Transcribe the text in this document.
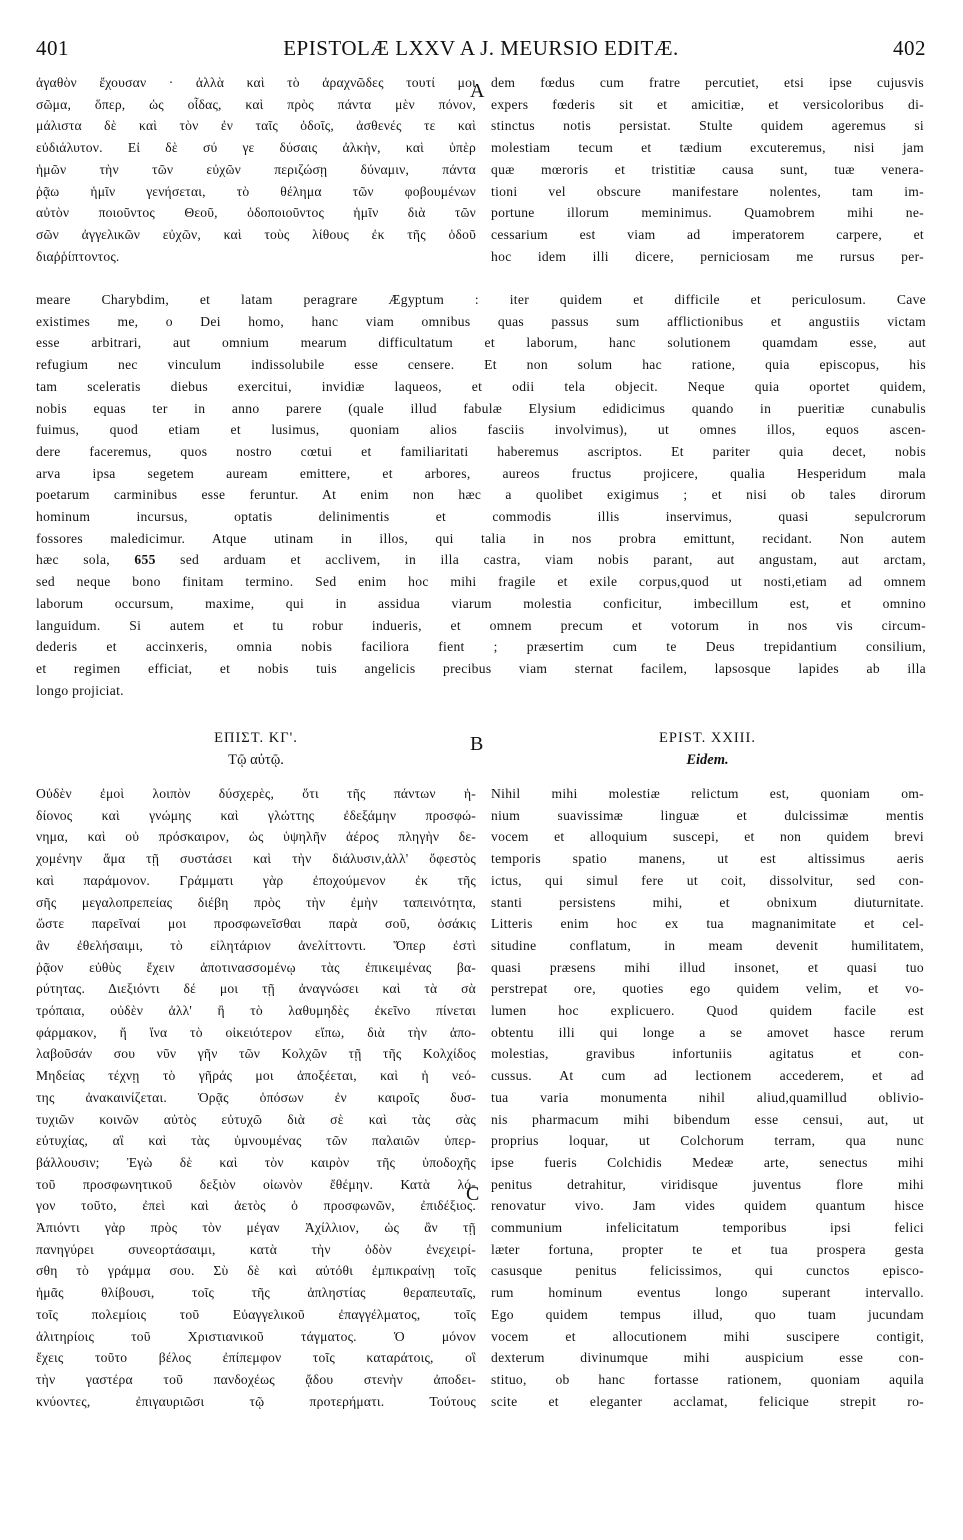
401	EPISTOLÆ LXXV A J. MEURSIO EDITÆ.	402
A
B
C
ἀγαθὸν ἔχουσαν · ἀλλὰ καὶ τὸ ἀραχνῶδες τουτί μοι
σῶμα, ὅπερ, ὡς οἶδας, καὶ πρὸς πάντα μὲν πόνον,
μάλιστα δὲ καὶ τὸν ἐν ταῖς ὁδοῖς, ἀσθενές τε καὶ
εὐδιάλυτον. Εἰ δὲ σύ γε δύσαις ἀλκὴν, καὶ ὑπὲρ
ἡμῶν τὴν τῶν εὐχῶν περιζώσῃ δύναμιν, πάντα
ῥᾷω ἡμῖν γενήσεται, τὸ θέλημα τῶν φοβουμένων
αὐτὸν ποιοῦντος Θεοῦ, ὁδοποιοῦντος ἡμῖν διὰ τῶν
σῶν ἀγγελικῶν εὐχῶν, καὶ τοὺς λίθους ἐκ τῆς ὁδοῦ
διαῤῥίπτοντος.
dem fœdus cum fratre percutiet, etsi ipse cujusvis
expers fœderis sit et amicitiæ, et versicoloribus di-
stinctus notis persistat. Stulte quidem ageremus si
molestiam tecum et tædium excuteremus, nisi jam
quæ mœroris et tristitiæ causa sunt, tuæ venera-
tioni vel obscure manifestare nolentes, tam im-
portune illorum meminimus. Quamobrem mihi ne-
cessarium est viam ad imperatorem carpere, et
hoc idem illi dicere, perniciosam me rursus per-
meare Charybdim, et latam peragrare Ægyptum : iter quidem et difficile et periculosum. Cave
existimes me, o Dei homo, hanc viam omnibus quas passus sum afflictionibus et angustiis victam
esse arbitrari, aut omnium mearum difficultatum et laborum, hanc solutionem quamdam esse, aut
refugium nec vinculum indissolubile esse censere. Et non solum hac ratione, quia episcopus, his
tam sceleratis diebus exercitui, invidiæ laqueos, et odii tela objecit. Neque quia oportet quidem,
nobis equas ter in anno parere (quale illud fabulæ Elysium edidicimus quando in pueritiæ cunabulis
fuimus, quod etiam et lusimus, quoniam alios fasciis involvimus), ut omnes illos, equos ascen-
dere faceremus, quos nostro cœtui et familiaritati haberemus ascriptos. Et pariter quia decet, nobis
arva ipsa segetem auream emittere, et arbores, aureos fructus projicere, qualia Hesperidum mala
poetarum carminibus esse feruntur. At enim non hæc a quolibet exigimus ; et nisi ob tales dirorum
hominum incursus, optatis delinimentis et commodis illis inservimus, quasi sepulcrorum
fossores maledicimur. Atque utinam in illos, qui talia in nos probra emittunt, recidant. Non autem
hæc sola, 655 sed arduam et acclivem, in illa castra, viam nobis parant, aut angustam, aut arctam,
sed neque bono finitam termino. Sed enim hoc mihi fragile et exile corpus,quod ut nosti,etiam ad omnem
laborum occursum, maxime, qui in assidua viarum molestia conficitur, imbecillum est, et omnino
languidum. Si autem et tu robur indueris, et omnem precum et votorum in nos vis circum-
dederis et accinxeris, omnia nobis faciliora fient ; præsertim cum te Deus trepidantium consilium,
et regimen efficiat, et nobis tuis angelicis precibus viam sternat facilem, lapsosque lapides ab illa
longo projiciat.
ΕΠΙΣΤ. ΚΓ'.
Τῷ αὐτῷ.
EPIST. XXIII.
Eidem.
Οὐδὲν ἐμοὶ λοιπὸν δύσχερὲς, ὅτι τῆς πάντων ἡ-
δίονος καὶ γνώμης καὶ γλώττης ἐδεξάμην προσφώ-
νημα, καὶ οὐ πρόσκαιρον, ὡς ὑψηλῆν ἀέρος πληγὴν δε-
χομένην ἅμα τῇ συστάσει καὶ τὴν διάλυσιν,ἀλλ' ὄφεστὸς
καὶ παράμονον. Γράμματι γὰρ ἐποχούμενον ἐκ τῆς
σῆς μεγαλοπρεπείας διέβη πρὸς τὴν ἐμὴν ταπεινότητα,
ὥστε παρεῖναί μοι προσφωνεῖσθαι παρὰ σοῦ, ὁσάκις
ἂν ἐθελήσαιμι, τὸ εἰλητάριον ἀνελίττοντι. Ὅπερ ἐστὶ
ῥᾷον εὐθὺς ἔχειν ἀποτινασσομένῳ τὰς ἐπικειμένας βα-
ρύτητας. Διεξιόντι δέ μοι τῇ ἀναγνώσει καὶ τὰ σὰ
τρόπαια, οὐδὲν ἀλλ' ἢ τὸ λαθυμηδὲς ἐκεῖνο πίνεται
φάρμακον, ἤ ἵνα τὸ οἰκειότερον εἴπω, διὰ τὴν ἀπο-
λαβοῦσάν σου νῦν γῆν τῶν Κολχῶν τῇ τῆς Κολχίδος
Μηδείας τέχνῃ τὸ γῆράς μοι ἀποξέεται, καὶ ἡ νεό-
της ἀνακαινίζεται. Ὁρᾷς ὁπόσων ἐν καιροῖς δυσ-
τυχιῶν κοινῶν αὐτὸς εὐτυχῶ διὰ σὲ καὶ τὰς σὰς
εὐτυχίας, αἳ καὶ τὰς ὑμνουμένας τῶν παλαιῶν ὑπερ-
βάλλουσιν; Ἐγὼ δὲ καὶ τὸν καιρὸν τῆς ὑποδοχῆς
τοῦ προσφωνητικοῦ δεξιὸν οἰωνὸν ἔθέμην. Κατὰ λό-
γον τοῦτο, ἐπεὶ καὶ ἀετὸς ὁ προσφωνῶν, ἐπιδέξιος.
Ἀπιόντι γὰρ πρὸς τὸν μέγαν Ἀχίλλιον, ὡς ἂν τῇ
πανηγύρει συνεορτάσαιμι, κατὰ τὴν ὁδὸν ἐνεχειρί-
σθη τὸ γράμμα σου. Σὺ δὲ καὶ αὐτόθι ἐμπικραίνῃ τοῖς
ἡμᾶς θλίβουσι, τοῖς τῆς ἀπληστίας θεραπευταῖς,
τοῖς πολεμίοις τοῦ Εὐαγγελικοῦ ἐπαγγέλματος, τοῖς
ἀλιτηρίοις τοῦ Χριστιανικοῦ τάγματος. Ὁ μόνον
ἔχεις τοῦτο βέλος ἐπίπεμφον τοῖς καταράτοις, οἳ
τὴν γαστέρα τοῦ πανδοχέως ᾄδου στενὴν ἀποδει-
κνύοντες, ἐπιγαυριῶσι τῷ προτερήματι. Τούτους
Nihil mihi molestiæ relictum est, quoniam om-
nium suavissimæ linguæ et dulcissimæ mentis
vocem et alloquium suscepi, et non quidem brevi
temporis spatio manens, ut est altissimus aeris
ictus, qui simul fere ut coit, dissolvitur, sed con-
stanti persistens mihi, et obnixum diuturnitate.
Litteris enim hoc ex tua magnanimitate et cel-
situdine conflatum, in meam devenit humilitatem,
quasi præsens mihi illud insonet, et quasi tuo
perstrepat ore, quoties ego quidem velim, et vo-
lumen hoc explicuero. Quod quidem facile est
obtentu illi qui longe a se amovet hasce rerum
molestias, gravibus infortuniis agitatus et con-
cussus. At cum ad lectionem accederem, et ad
tua varia monumenta nihil aliud,quamillud oblivio-
nis pharmacum mihi bibendum esse censui, aut, ut
proprius loquar, ut Colchorum terram, qua nunc
ipse fueris Colchidis Medeæ arte, senectus mihi
penitus detrahitur, viridisque juventus flore mihi
renovatur vivo. Jam vides quidem quantum hisce
communium infelicitatum temporibus ipsi felici
læter fortuna, propter te et tua prospera gesta
casusque penitus felicissimos, qui cunctos episco-
rum hominum eventus longo superant intervallo.
Ego quidem tempus illud, quo tuam jucundam
vocem et allocutionem mihi suscipere contigit,
dexterum divinumque mihi auspicium esse con-
stituo, ob hanc fortasse rationem, quoniam aquila
scite et eleganter acclamat, felicique strepit ro-
